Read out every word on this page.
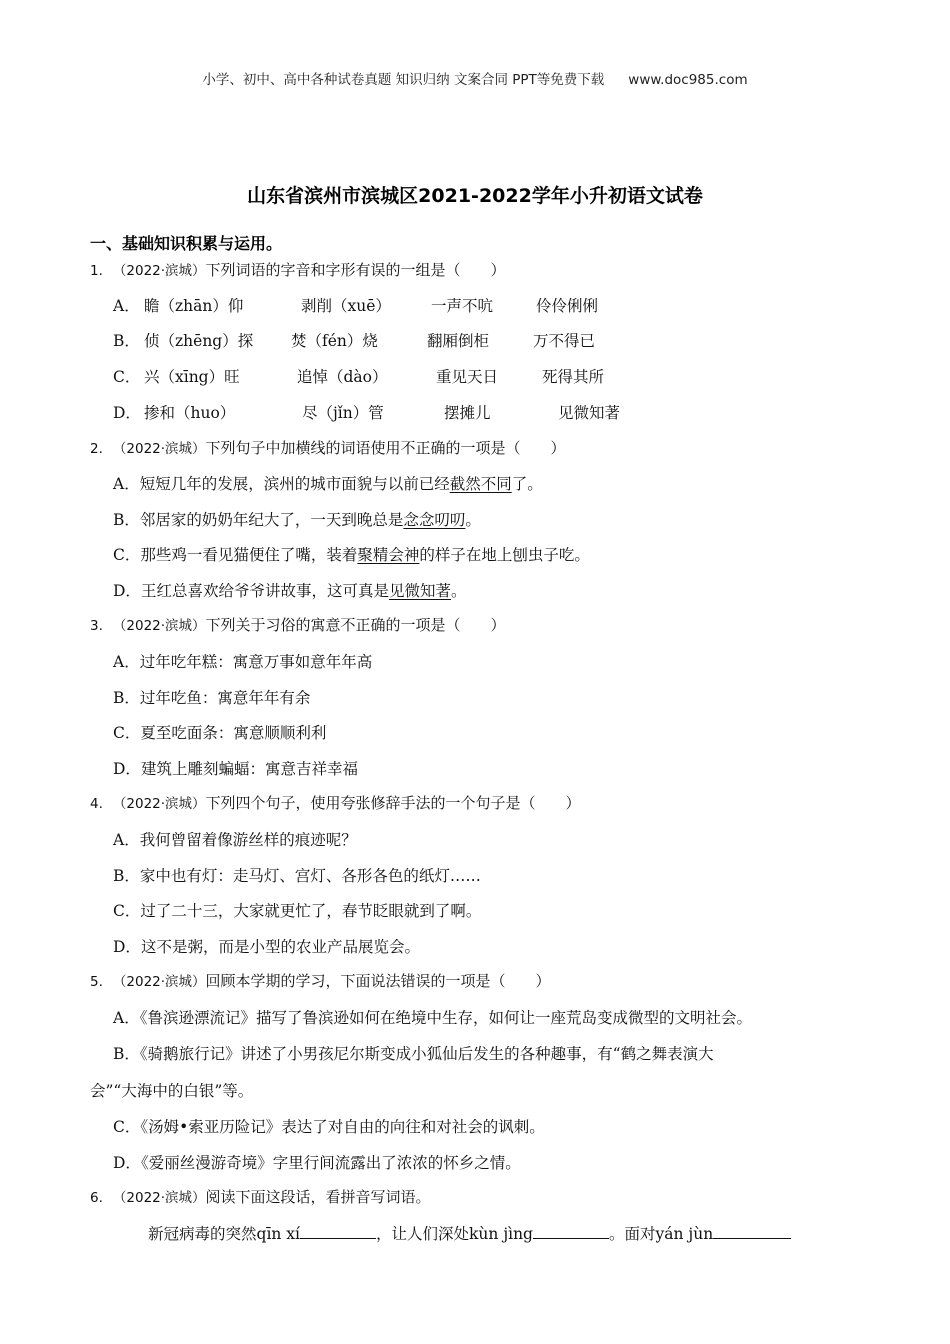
小学、初中、高中各种试卷真题 知识归纳 文案合同 PPT等免费下载 www.doc985.com
山东省滨州市滨城区2021-2022学年小升初语文试卷
一、基础知识积累与运用。
1. （2022·滨城）下列词语的字音和字形有误的一组是（　　）
A． 瞻（zhān）仰	剥削（xuē）	一声不吭	伶伶俐俐
B． 侦（zhēng）探 焚（fén）烧	翻厢倒柜	万不得已
C． 兴（xīng）旺	追悼（dào）	重见天日	死得其所
D． 掺和（huo）	尽（jǐn）管	摆摊儿	见微知著
2. （2022·滨城）下列句子中加横线的词语使用不正确的一项是（　　）
A．短短几年的发展，滨州的城市面貌与以前已经截然不同了。
B．邻居家的奶奶年纪大了，一天到晚总是念念叨叨。
C．那些鸡一看见猫便住了嘴，装着聚精会神的样子在地上刨虫子吃。
D．王红总喜欢给爷爷讲故事，这可真是见微知著。
3. （2022·滨城）下列关于习俗的寓意不正确的一项是（　　）
A．过年吃年糕：寓意万事如意年年高
B．过年吃鱼：寓意年年有余
C．夏至吃面条：寓意顺顺利利
D．建筑上雕刻蝙蝠：寓意吉祥幸福
4. （2022·滨城）下列四个句子，使用夸张修辞手法的一个句子是（　　）
A．我何曾留着像游丝样的痕迹呢？
B．家中也有灯：走马灯、宫灯、各形各色的纸灯……
C．过了二十三，大家就更忙了，春节眨眼就到了啊。
D．这不是粥，而是小型的农业产品展览会。
5. （2022·滨城）回顾本学期的学习，下面说法错误的一项是（　　）
A．《鲁滨逊漂流记》描写了鲁滨逊如何在绝境中生存，如何让一座荒岛变成微型的文明社会。
B．《骑鹅旅行记》讲述了小男孩尼尔斯变成小狐仙后发生的各种趣事，有“鹤之舞表演大
会”“大海中的白银”等。
C．《汤姆•索亚历险记》表达了对自由的向往和对社会的讽刺。
D．《爱丽丝漫游奇境》字里行间流露出了浓浓的怀乡之情。
6. （2022·滨城）阅读下面这段话，看拼音写词语。
新冠病毒的突然qīn xí	，让人们深处kùn jìng	。面对yán jùn
